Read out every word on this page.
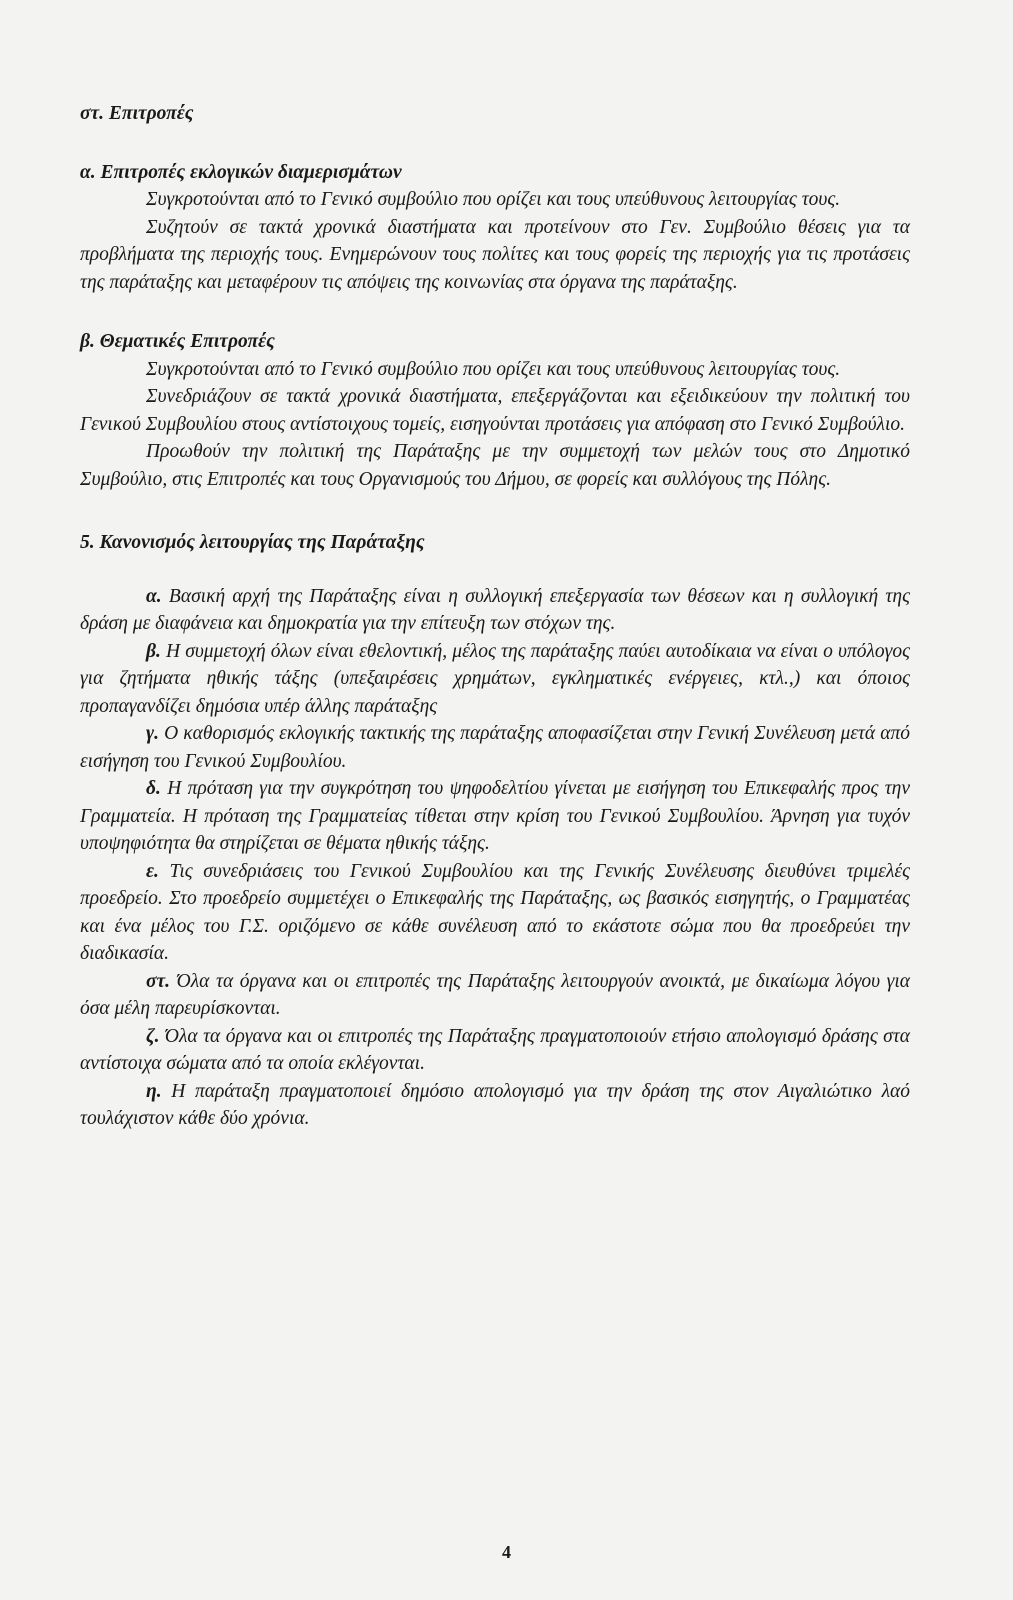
στ. Επιτροπές

α. Επιτροπές εκλογικών διαμερισμάτων

Συγκροτούνται από το Γενικό συμβούλιο που ορίζει και τους υπεύθυνους λειτουργίας τους.

Συζητούν σε τακτά χρονικά διαστήματα και προτείνουν στο Γεν. Συμβούλιο θέσεις για τα προβλήματα της περιοχής τους. Ενημερώνουν τους πολίτες και τους φορείς της περιοχής για τις προτάσεις της παράταξης και μεταφέρουν τις απόψεις της κοινωνίας στα όργανα της παράταξης.

β. Θεματικές Επιτροπές

Συγκροτούνται από το Γενικό συμβούλιο που ορίζει και τους υπεύθυνους λειτουργίας τους.

Συνεδριάζουν σε τακτά χρονικά διαστήματα, επεξεργάζονται και εξειδικεύουν την πολιτική του Γενικού Συμβουλίου στους αντίστοιχους τομείς, εισηγούνται προτάσεις για απόφαση στο Γενικό Συμβούλιο.

Προωθούν την πολιτική της Παράταξης με την συμμετοχή των μελών τους στο Δημοτικό Συμβούλιο, στις Επιτροπές και τους Οργανισμούς του Δήμου, σε φορείς και συλλόγους της Πόλης.

5. Κανονισμός λειτουργίας της Παράταξης

α. Βασική αρχή της Παράταξης είναι η συλλογική επεξεργασία των θέσεων και η συλλογική της δράση με διαφάνεια και δημοκρατία για την επίτευξη των στόχων της.

β. Η συμμετοχή όλων είναι εθελοντική, μέλος της παράταξης παύει αυτοδίκαια να είναι ο υπόλογος για ζητήματα ηθικής τάξης (υπεξαιρέσεις χρημάτων, εγκληματικές ενέργειες, κτλ.,) και όποιος προπαγανδίζει δημόσια υπέρ άλλης παράταξης

γ. Ο καθορισμός εκλογικής τακτικής της παράταξης αποφασίζεται στην Γενική Συνέλευση μετά από εισήγηση του Γενικού Συμβουλίου.

δ. Η πρόταση για την συγκρότηση του ψηφοδελτίου γίνεται με εισήγηση του Επικεφαλής προς την Γραμματεία. Η πρόταση της Γραμματείας τίθεται στην κρίση του Γενικού Συμβουλίου. Άρνηση για τυχόν υποψηφιότητα θα στηρίζεται σε θέματα ηθικής τάξης.

ε. Τις συνεδριάσεις του Γενικού Συμβουλίου και της Γενικής Συνέλευσης διευθύνει τριμελές προεδρείο. Στο προεδρείο συμμετέχει ο Επικεφαλής της Παράταξης, ως βασικός εισηγητής, ο Γραμματέας και ένα μέλος του Γ.Σ. οριζόμενο σε κάθε συνέλευση από το εκάστοτε σώμα που θα προεδρεύει την διαδικασία.

στ. Όλα τα όργανα και οι επιτροπές της Παράταξης λειτουργούν ανοικτά, με δικαίωμα λόγου για όσα μέλη παρευρίσκονται.

ζ. Όλα τα όργανα και οι επιτροπές της Παράταξης πραγματοποιούν ετήσιο απολογισμό δράσης στα αντίστοιχα σώματα από τα οποία εκλέγονται.

η. Η παράταξη πραγματοποιεί δημόσιο απολογισμό για την δράση της στον Αιγαλιώτικο λαό τουλάχιστον κάθε δύο χρόνια.

4
